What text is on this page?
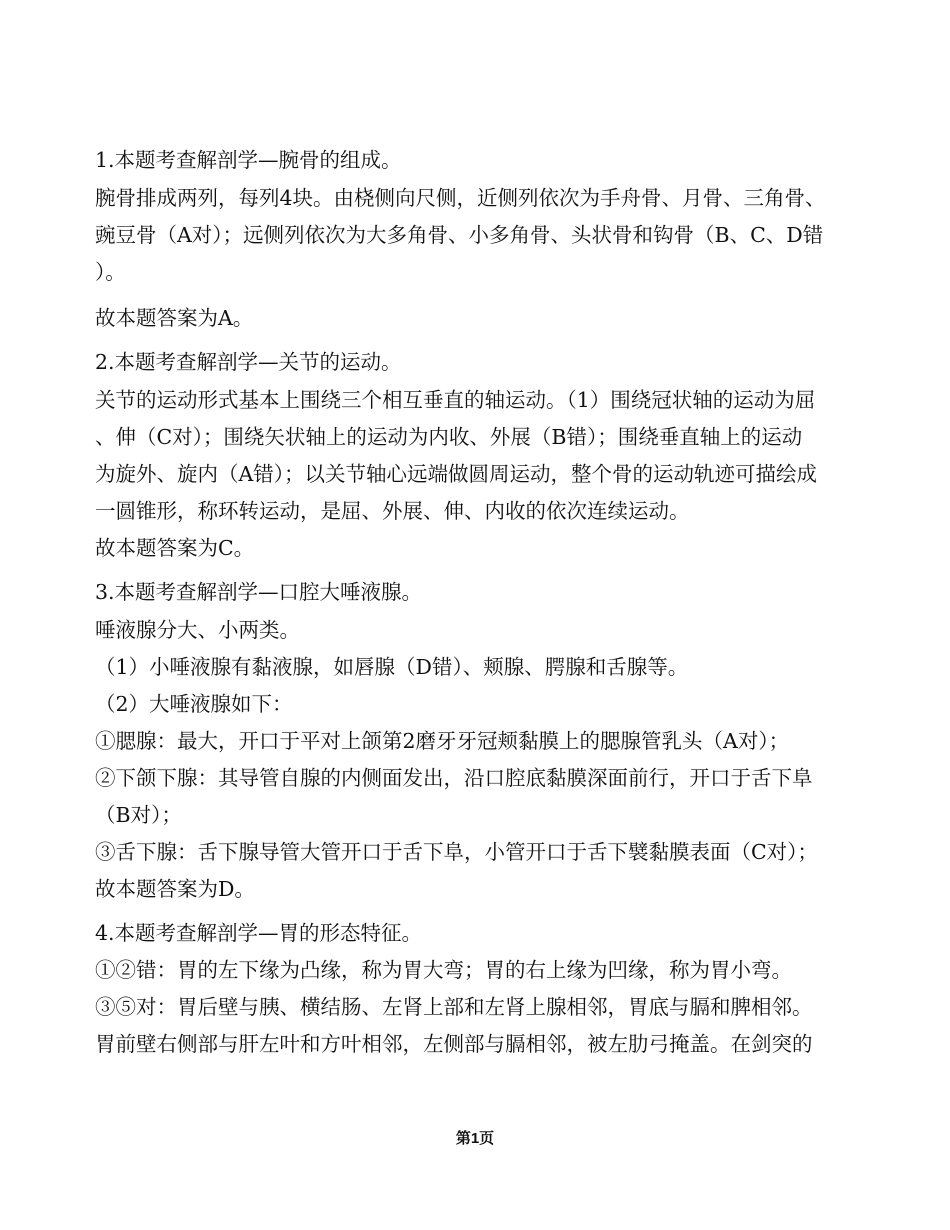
1.本题考查解剖学—腕骨的组成。
腕骨排成两列，每列4块。由桡侧向尺侧，近侧列依次为手舟骨、月骨、三角骨、
豌豆骨（A对）；远侧列依次为大多角骨、小多角骨、头状骨和钩骨（B、C、D错
）。
故本题答案为A。
2.本题考查解剖学—关节的运动。
关节的运动形式基本上围绕三个相互垂直的轴运动。（1）围绕冠状轴的运动为屈
、伸（C对）；围绕矢状轴上的运动为内收、外展（B错）；围绕垂直轴上的运动
为旋外、旋内（A错）；以关节轴心远端做圆周运动，整个骨的运动轨迹可描绘成
一圆锥形，称环转运动，是屈、外展、伸、内收的依次连续运动。
故本题答案为C。
3.本题考查解剖学—口腔大唾液腺。
唾液腺分大、小两类。
（1）小唾液腺有黏液腺，如唇腺（D错）、颊腺、腭腺和舌腺等。
（2）大唾液腺如下：
①腮腺：最大，开口于平对上颌第2磨牙牙冠颊黏膜上的腮腺管乳头（A对）；
②下颌下腺：其导管自腺的内侧面发出，沿口腔底黏膜深面前行，开口于舌下阜
（B对）；
③舌下腺：舌下腺导管大管开口于舌下阜，小管开口于舌下襞黏膜表面（C对）；
故本题答案为D。
4.本题考查解剖学—胃的形态特征。
①②错：胃的左下缘为凸缘，称为胃大弯；胃的右上缘为凹缘，称为胃小弯。
③⑤对：胃后壁与胰、横结肠、左肾上部和左肾上腺相邻，胃底与膈和脾相邻。
胃前壁右侧部与肝左叶和方叶相邻，左侧部与膈相邻，被左肋弓掩盖。在剑突的
第1页
